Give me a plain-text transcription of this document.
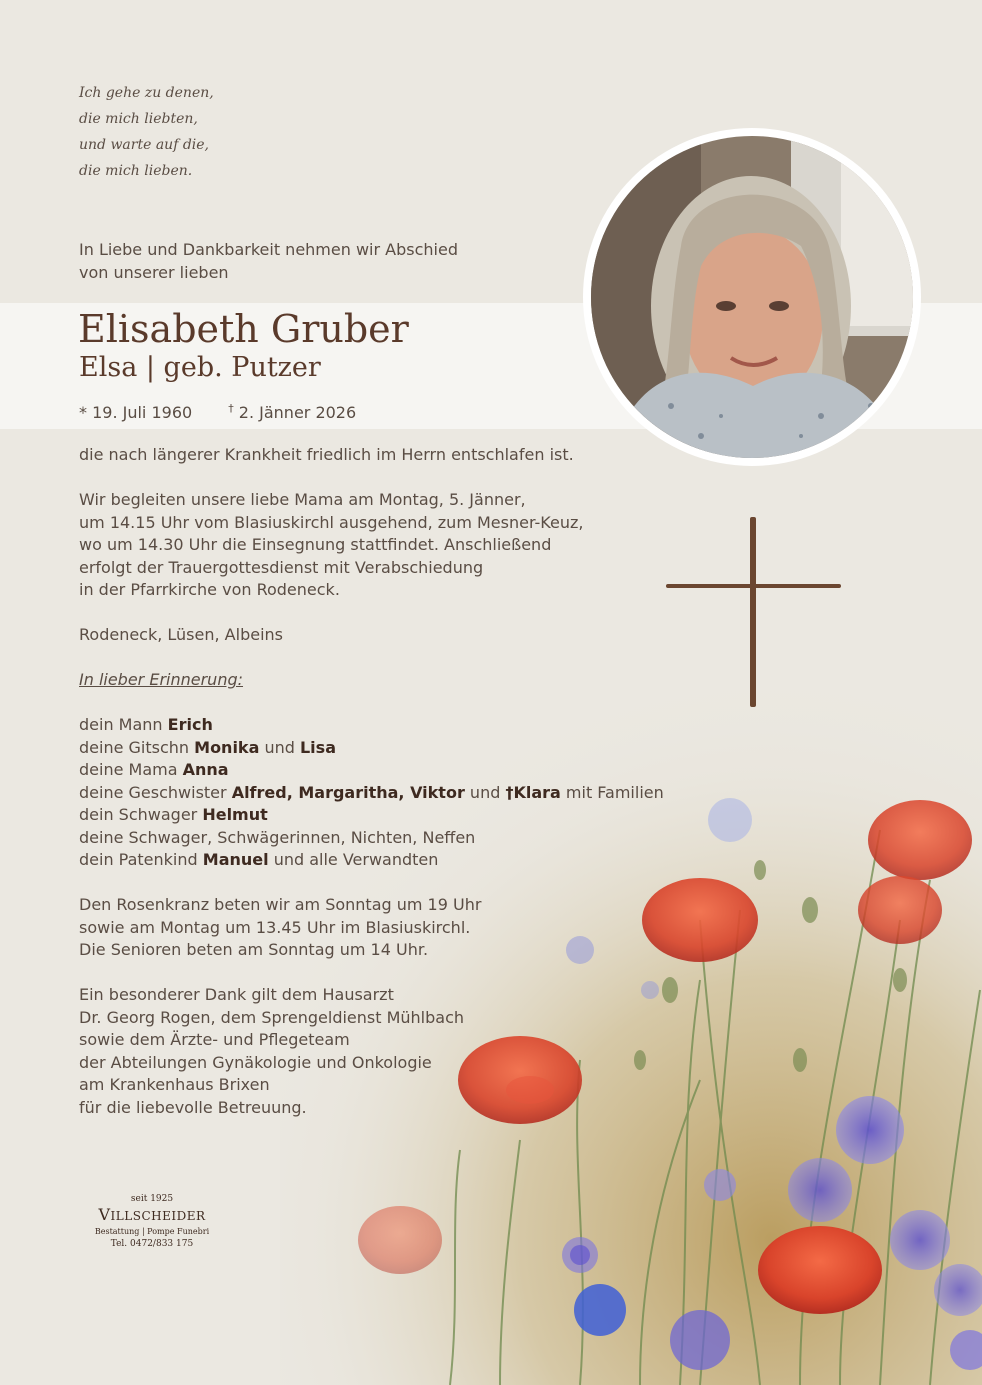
Ich gehe zu denen,
die mich liebten,
und warte auf die,
die mich lieben.
In Liebe und Dankbarkeit nehmen wir Abschied
von unserer lieben
Elisabeth Gruber
Elsa | geb. Putzer
* 19. Juli 1960	† 2. Jänner 2026

die nach längerer Krankheit friedlich im Herrn entschlafen ist.

Wir begleiten unsere liebe Mama am Montag, 5. Jänner,

um 14.15 Uhr vom Blasiuskirchl ausgehend, zum Mesner-Keuz,

wo um 14.30 Uhr die Einsegnung stattfindet. Anschließend

erfolgt der Trauergottesdienst mit Verabschiedung

in der Pfarrkirche von Rodeneck.

Rodeneck, Lüsen, Albeins

In lieber Erinnerung:

dein Mann Erich

deine Gitschn Monika und Lisa

deine Mama Anna

deine Geschwister Alfred, Margaritha, Viktor und †Klara mit Familien

dein Schwager Helmut

deine Schwager, Schwägerinnen, Nichten, Neffen

dein Patenkind Manuel und alle Verwandten

Den Rosenkranz beten wir am Sonntag um 19 Uhr

sowie am Montag um 13.45 Uhr im Blasiuskirchl.

Die Senioren beten am Sonntag um 14 Uhr.

Ein besonderer Dank gilt dem Hausarzt

Dr. Georg Rogen, dem Sprengeldienst Mühlbach

sowie dem Ärzte- und Pflegeteam

der Abteilungen Gynäkologie und Onkologie

am Krankenhaus Brixen

für die liebevolle Betreuung.

seit 1925
VILLSCHEIDER
Bestattung | Pompe Funebri
Tel. 0472/833 175
